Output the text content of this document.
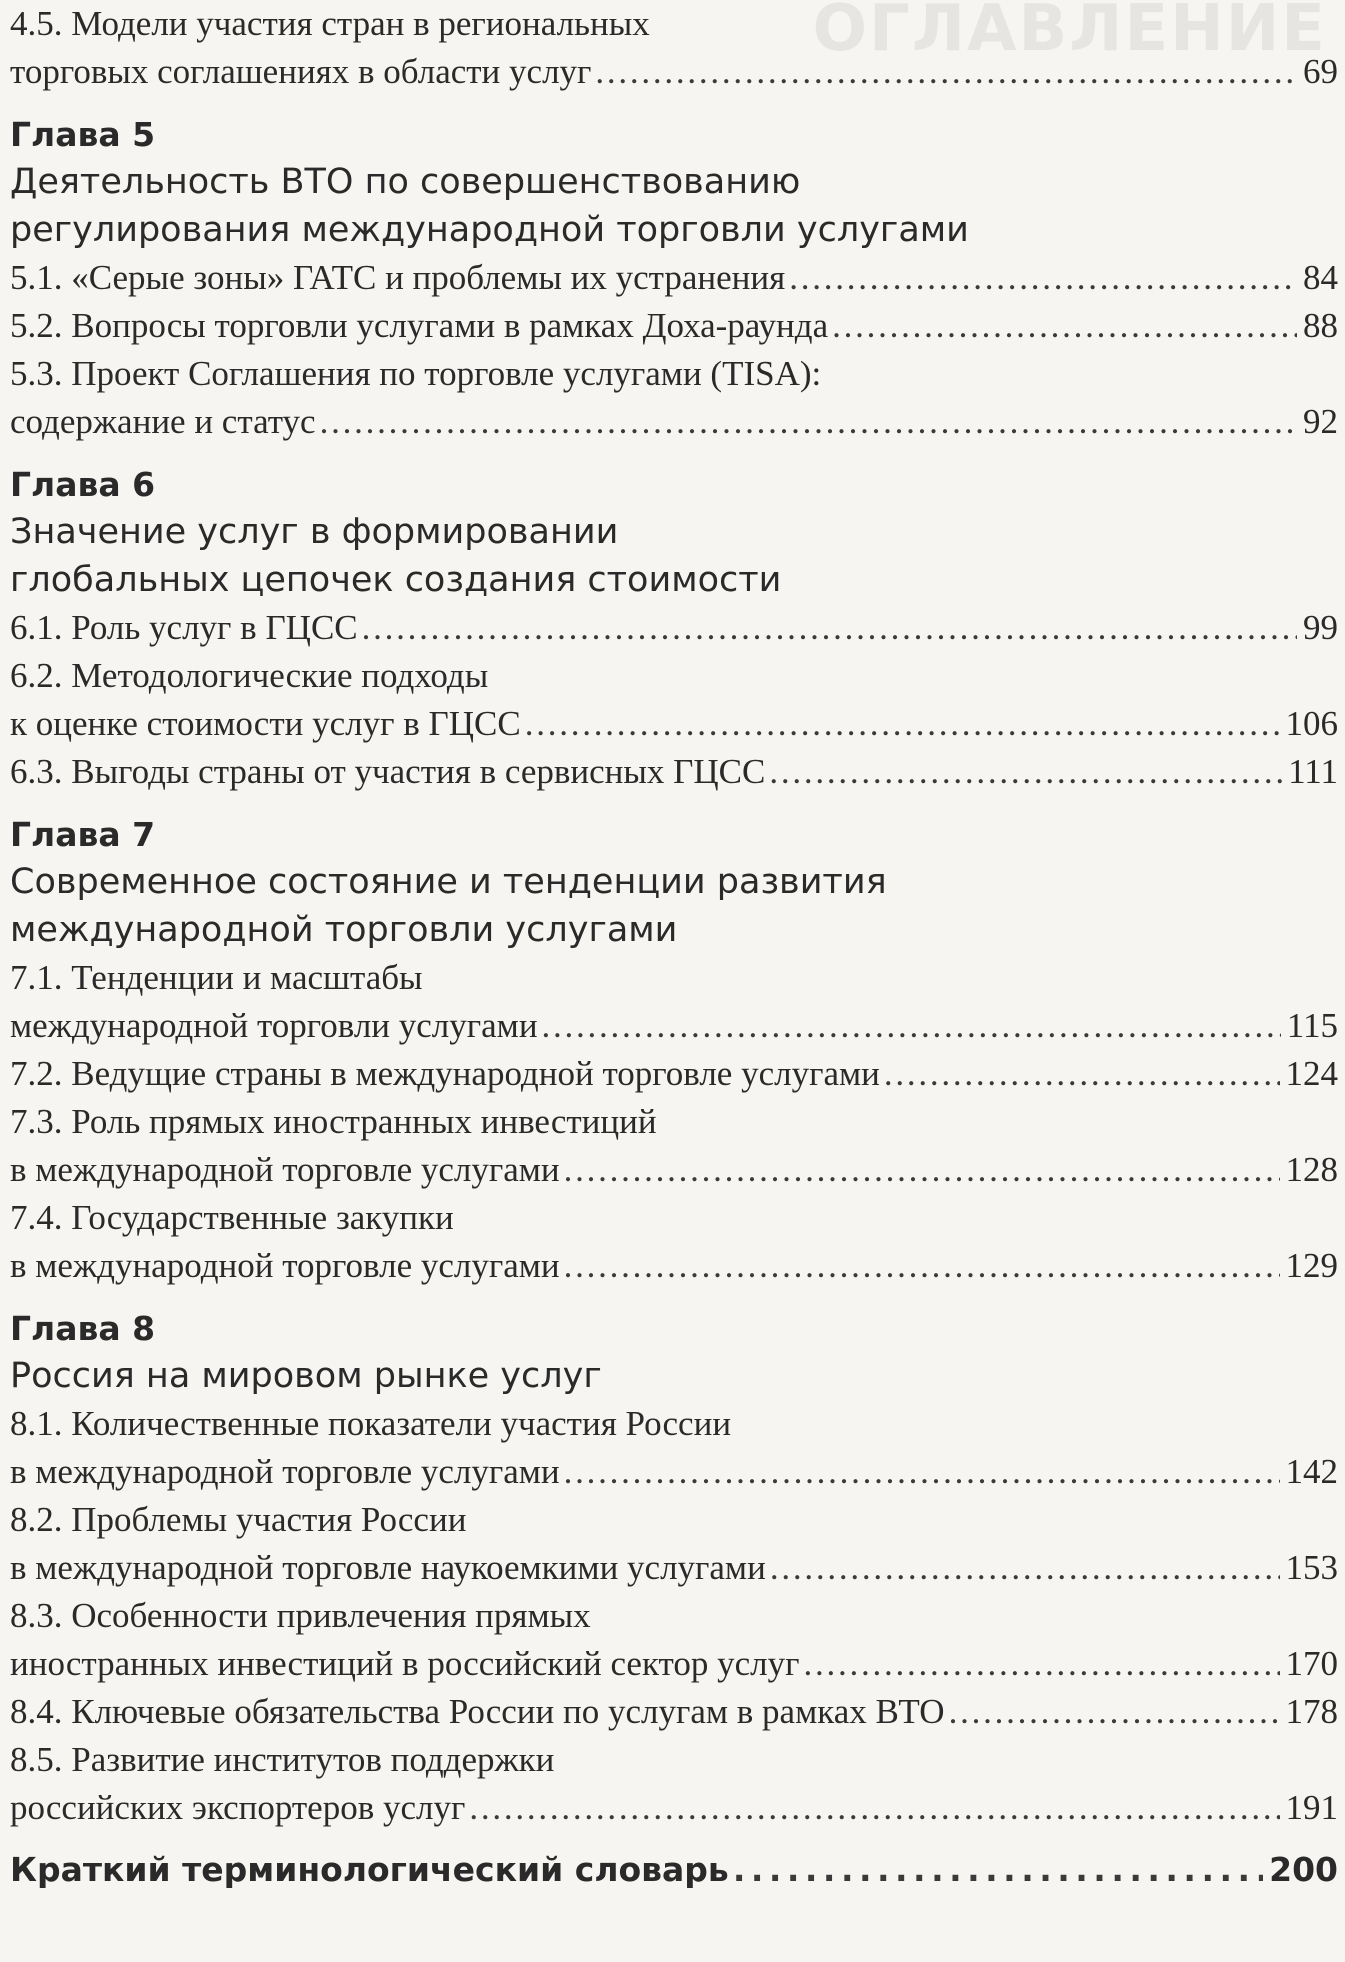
ОГЛАВЛЕНИЕ
4.5. Модели участия стран в региональных
торговых соглашениях в области услуг . . .	69
Глава 5
Деятельность ВТО по совершенствованию
регулирования международной торговли услугами
5.1. «Серые зоны» ГАТС и проблемы их устранения . . .	84
5.2. Вопросы торговли услугами в рамках Доха-раунда . . .	88
5.3. Проект Соглашения по торговле услугами (TISA):
содержание и статус . . .	92
Глава 6
Значение услуг в формировании
глобальных цепочек создания стоимости
6.1. Роль услуг в ГЦСС . . .	99
6.2. Методологические подходы
к оценке стоимости услуг в ГЦСС . . .	106
6.3. Выгоды страны от участия в сервисных ГЦСС . . .	111
Глава 7
Современное состояние и тенденции развития
международной торговли услугами
7.1. Тенденции и масштабы
международной торговли услугами . . .	115
7.2. Ведущие страны в международной торговле услугами . . .	124
7.3. Роль прямых иностранных инвестиций
в международной торговле услугами . . .	128
7.4. Государственные закупки
в международной торговле услугами . . .	129
Глава 8
Россия на мировом рынке услуг
8.1. Количественные показатели участия России
в международной торговле услугами . . .	142
8.2. Проблемы участия России
в международной торговле наукоемкими услугами . . .	153
8.3. Особенности привлечения прямых
иностранных инвестиций в российский сектор услуг . . .	170
8.4. Ключевые обязательства России по услугам в рамках ВТО . . .	178
8.5. Развитие институтов поддержки
российских экспортеров услуг . . .	191
Краткий терминологический словарь . . .	200
